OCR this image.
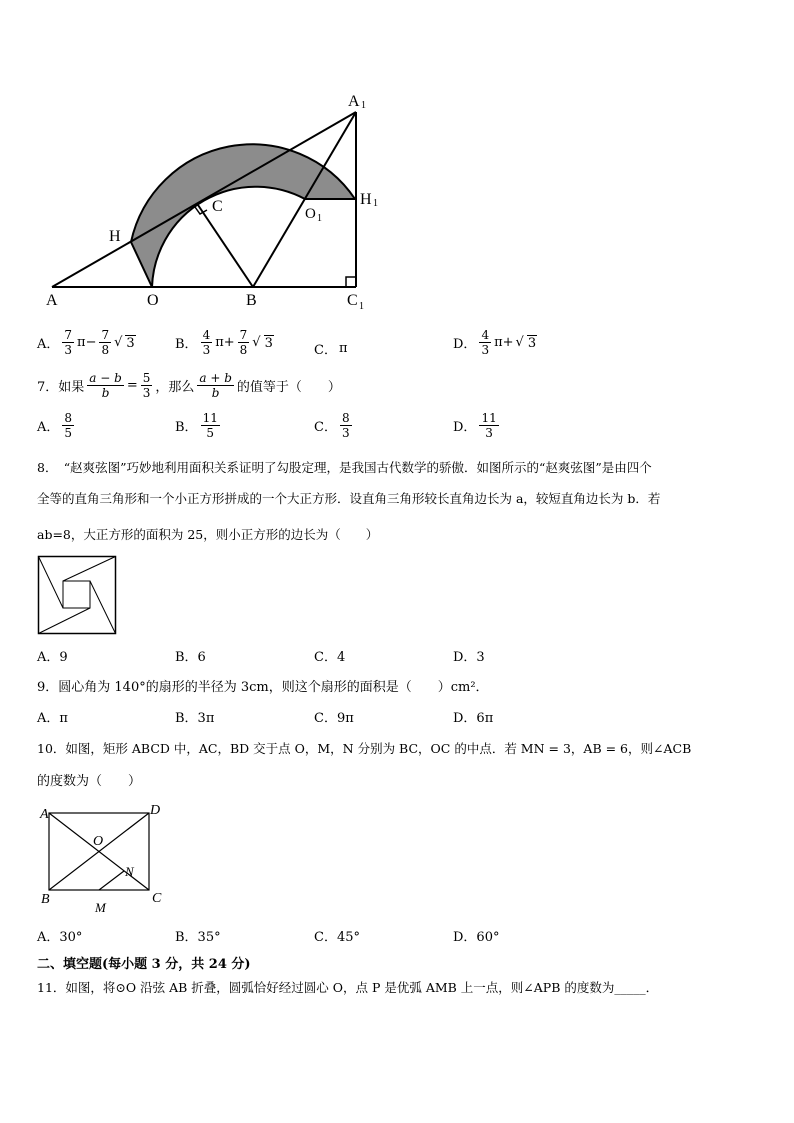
A	O	B	C 1
H
C	O 1
A 1
H 1
A． $\frac{7}{3} \pi- \frac{7}{8}$ √ 3	B． $\frac{4}{3} \pi+ \frac{7}{8}$ √ 3	C． π	D． $\frac{4}{3} \pi+$ √ 3
7．如果 $\frac{a - b}{b} = \frac{5}{3}$ ，那么 $\frac{a + b}{b}$ 的值等于（　　）
A． $\frac{8}{5}$	B． $\frac{11}{5}$	C． $\frac{8}{3}$	D． $\frac{11}{3}$
8．　“赵爽弦图”巧妙地利用面积关系证明了勾股定理，是我国古代数学的骄傲．如图所示的“赵爽弦图”是由四个
全等的直角三角形和一个小正方形拼成的一个大正方形．设直角三角形较长直角边长为 a，较短直角边长为 b．若
ab=8，大正方形的面积为 25，则小正方形的边长为（　　）
A．9	B．6	C．4	D．3
9．圆心角为 140°的扇形的半径为 3cm，则这个扇形的面积是（　　）cm²．
A．π	B．3π	C．9π	D．6π
10．如图，矩形 ABCD 中，AC，BD 交于点 O，M，N 分别为 BC，OC 的中点．若 MN = 3，AB = 6，则∠ACB
的度数为（　　）
A	D
O
N
B
M
C
A．30°	B．35°	C．45°	D．60°
二、填空题(每小题 3 分，共 24 分)
11．如图，将⊙O 沿弦 AB 折叠，圆弧恰好经过圆心 O，点 P 是优弧 AMB 上一点，则∠APB 的度数为_____．
